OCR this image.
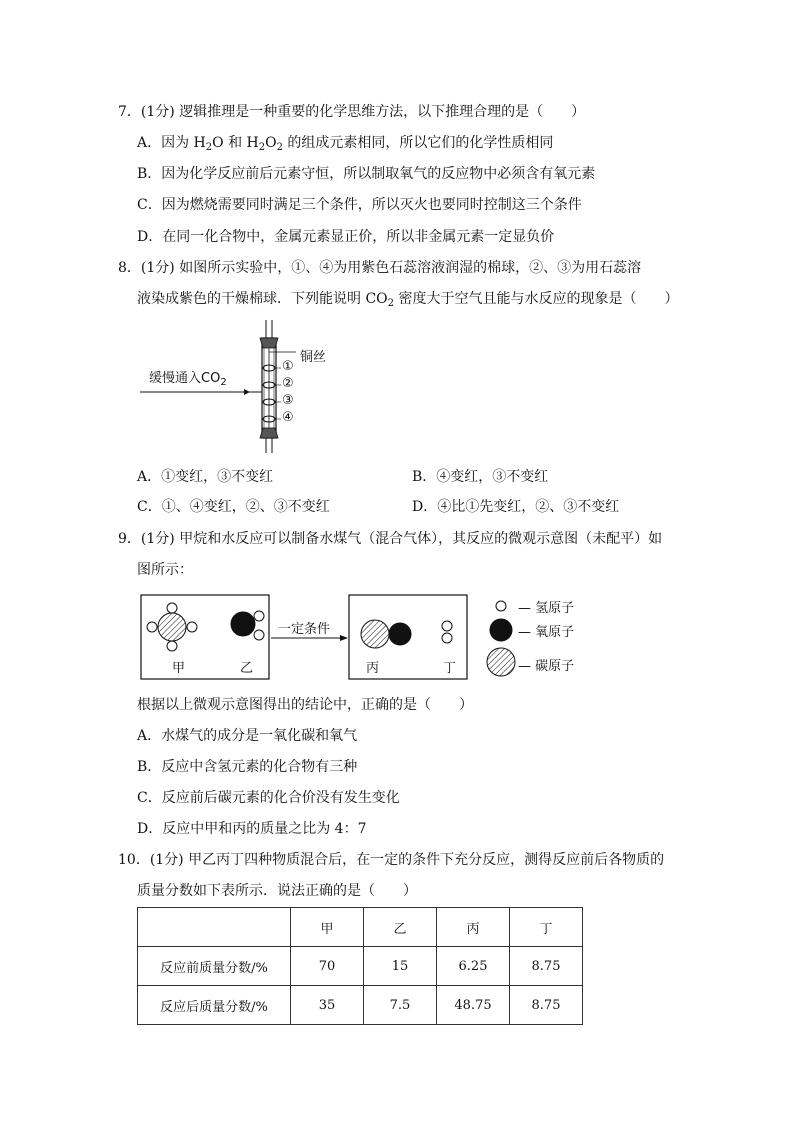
7．(1分) 逻辑推理是一种重要的化学思维方法，以下推理合理的是（　　）
A．因为 $H_2O$ 和 $H_2O_2$ 的组成元素相同，所以它们的化学性质相同
B．因为化学反应前后元素守恒，所以制取氧气的反应物中必须含有氧元素
C．因为燃烧需要同时满足三个条件，所以灭火也要同时控制这三个条件
D．在同一化合物中，金属元素显正价，所以非金属元素一定显负价
8．(1分) 如图所示实验中，①、④为用紫色石蕊溶液润湿的棉球，②、③为用石蕊溶
液染成紫色的干燥棉球．下列能说明 $CO_2$ 密度大于空气且能与水反应的现象是（　　）
缓慢通入$CO_2$
铜丝
①
②
③
④
A．①变红，③不变红	B．④变红，③不变红
C．①、④变红，②、③不变红	D．④比①先变红，②、③不变红
9．(1分) 甲烷和水反应可以制备水煤气（混合气体），其反应的微观示意图（未配平）如
图所示：
甲	乙
一定条件
丙	丁
— 氢原子
— 氧原子
— 碳原子
根据以上微观示意图得出的结论中，正确的是（　　）
A．水煤气的成分是一氧化碳和氧气
B．反应中含氢元素的化合物有三种
C．反应前后碳元素的化合价没有发生变化
D．反应中甲和丙的质量之比为 4：7
10．(1分) 甲乙丙丁四种物质混合后，在一定的条件下充分反应，测得反应前后各物质的
质量分数如下表所示．说法正确的是（　　）
	甲	乙	丙	丁
反应前质量分数/%	70	15	6.25	8.75
反应后质量分数/%	35	7.5	48.75	8.75
